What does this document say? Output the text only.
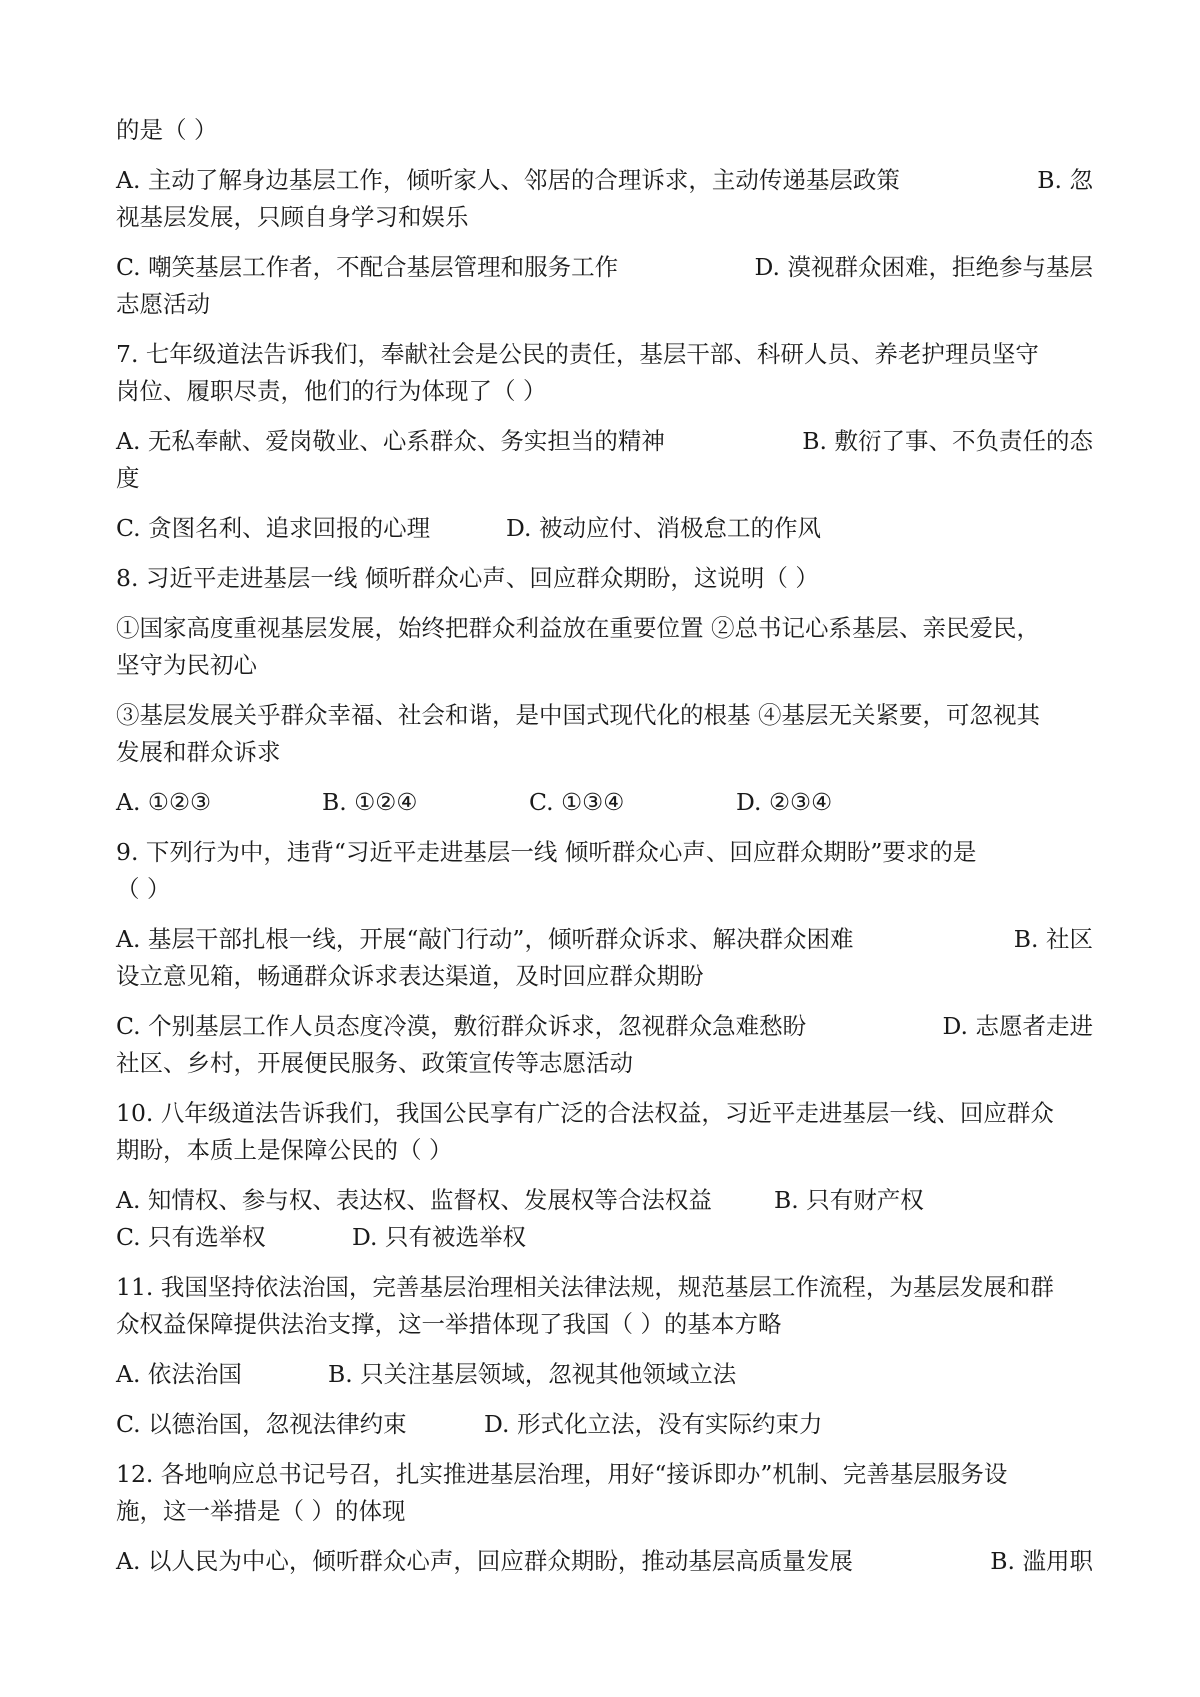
的是（ ）
A. 主动了解身边基层工作，倾听家人、邻居的合理诉求，主动传递基层政策	B. 忽
视基层发展，只顾自身学习和娱乐
C. 嘲笑基层工作者，不配合基层管理和服务工作	D. 漠视群众困难，拒绝参与基层
志愿活动
7. 七年级道法告诉我们，奉献社会是公民的责任，基层干部、科研人员、养老护理员坚守
岗位、履职尽责，他们的行为体现了（ ）
A. 无私奉献、爱岗敬业、心系群众、务实担当的精神	B. 敷衍了事、不负责任的态
度
C. 贪图名利、追求回报的心理	D. 被动应付、消极怠工的作风
8. 习近平走进基层一线 倾听群众心声、回应群众期盼，这说明（ ）
①国家高度重视基层发展，始终把群众利益放在重要位置 ②总书记心系基层、亲民爱民，
坚守为民初心
③基层发展关乎群众幸福、社会和谐，是中国式现代化的根基 ④基层无关紧要，可忽视其
发展和群众诉求
A. ①②③	B. ①②④	C. ①③④	D. ②③④
9. 下列行为中，违背“习近平走进基层一线 倾听群众心声、回应群众期盼”要求的是
（ ）
A. 基层干部扎根一线，开展“敲门行动”，倾听群众诉求、解决群众困难	B. 社区
设立意见箱，畅通群众诉求表达渠道，及时回应群众期盼
C. 个别基层工作人员态度冷漠，敷衍群众诉求，忽视群众急难愁盼	D. 志愿者走进
社区、乡村，开展便民服务、政策宣传等志愿活动
10. 八年级道法告诉我们，我国公民享有广泛的合法权益，习近平走进基层一线、回应群众
期盼，本质上是保障公民的（ ）
A. 知情权、参与权、表达权、监督权、发展权等合法权益	B. 只有财产权
C. 只有选举权	D. 只有被选举权
11. 我国坚持依法治国，完善基层治理相关法律法规，规范基层工作流程，为基层发展和群
众权益保障提供法治支撑，这一举措体现了我国（ ）的基本方略
A. 依法治国	B. 只关注基层领域，忽视其他领域立法
C. 以德治国，忽视法律约束	D. 形式化立法，没有实际约束力
12. 各地响应总书记号召，扎实推进基层治理，用好“接诉即办”机制、完善基层服务设
施，这一举措是（ ）的体现
A. 以人民为中心，倾听群众心声，回应群众期盼，推动基层高质量发展	B. 滥用职
